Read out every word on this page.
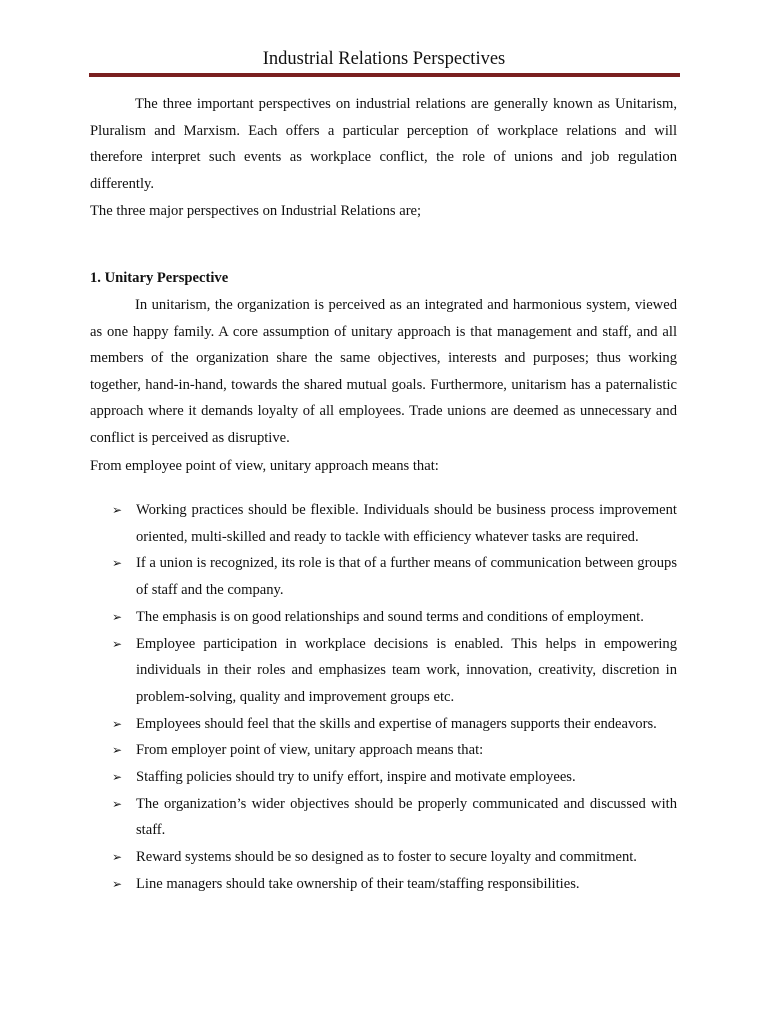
Industrial Relations Perspectives

The three important perspectives on industrial relations are generally known as Unitarism, Pluralism and Marxism. Each offers a particular perception of workplace relations and will therefore interpret such events as workplace conflict, the role of unions and job regulation differently.

The three major perspectives on Industrial Relations are;
1. Unitary Perspective

In unitarism, the organization is perceived as an integrated and harmonious system, viewed as one happy family. A core assumption of unitary approach is that management and staff, and all members of the organization share the same objectives, interests and purposes; thus working together, hand-in-hand, towards the shared mutual goals. Furthermore, unitarism has a paternalistic approach where it demands loyalty of all employees. Trade unions are deemed as unnecessary and conflict is perceived as disruptive.

From employee point of view, unitary approach means that:
➢ Working practices should be flexible. Individuals should be business process improvement oriented, multi-skilled and ready to tackle with efficiency whatever tasks are required.
➢ If a union is recognized, its role is that of a further means of communication between groups of staff and the company.
➢ The emphasis is on good relationships and sound terms and conditions of employment.
➢ Employee participation in workplace decisions is enabled. This helps in empowering individuals in their roles and emphasizes team work, innovation, creativity, discretion in problem-solving, quality and improvement groups etc.
➢ Employees should feel that the skills and expertise of managers supports their endeavors.
➢ From employer point of view, unitary approach means that:
➢ Staffing policies should try to unify effort, inspire and motivate employees.
➢ The organization’s wider objectives should be properly communicated and discussed with staff.
➢ Reward systems should be so designed as to foster to secure loyalty and commitment.
➢ Line managers should take ownership of their team/staffing responsibilities.
